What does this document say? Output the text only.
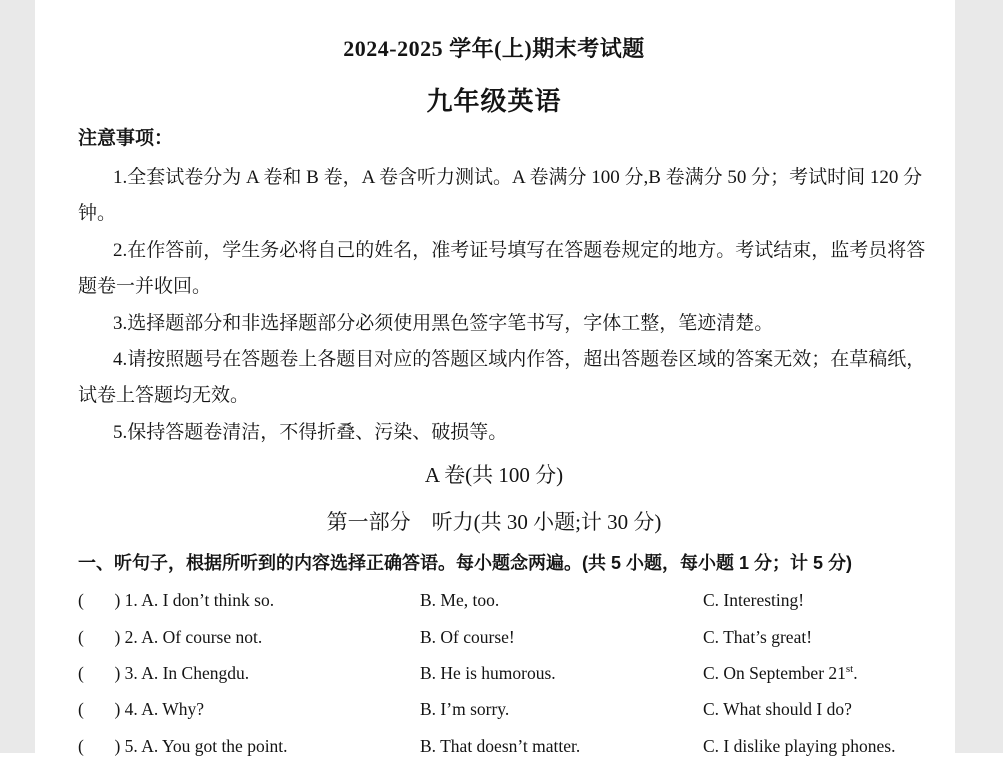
2024-2025 学年(上)期末考试题
九年级英语
注意事项：
1.全套试卷分为 A 卷和 B 卷，A 卷含听力测试。A 卷满分 100 分,B 卷满分 50 分；考试时间 120 分
钟。
2.在作答前，学生务必将自己的姓名，准考证号填写在答题卷规定的地方。考试结束，监考员将答
题卷一并收回。
3.选择题部分和非选择题部分必须使用黑色签字笔书写，字体工整，笔迹清楚。
4.请按照题号在答题卷上各题目对应的答题区域内作答，超出答题卷区域的答案无效；在草稿纸，
试卷上答题均无效。
5.保持答题卷清洁，不得折叠、污染、破损等。
A 卷(共 100 分)
第一部分　听力(共 30 小题;计 30 分)
一、听句子，根据所听到的内容选择正确答语。每小题念两遍。(共 5 小题，每小题 1 分；计 5 分)
(       ) 1. A. I don’t think so.	B. Me, too.	C. Interesting!
(       ) 2. A. Of course not.	B. Of course!	C. That’s great!
(       ) 3. A. In Chengdu.	B. He is humorous.	C. On September 21st.
(       ) 4. A. Why?	B. I’m sorry.	C. What should I do?
(       ) 5. A. You got the point.	B. That doesn’t matter.	C. I dislike playing phones.
